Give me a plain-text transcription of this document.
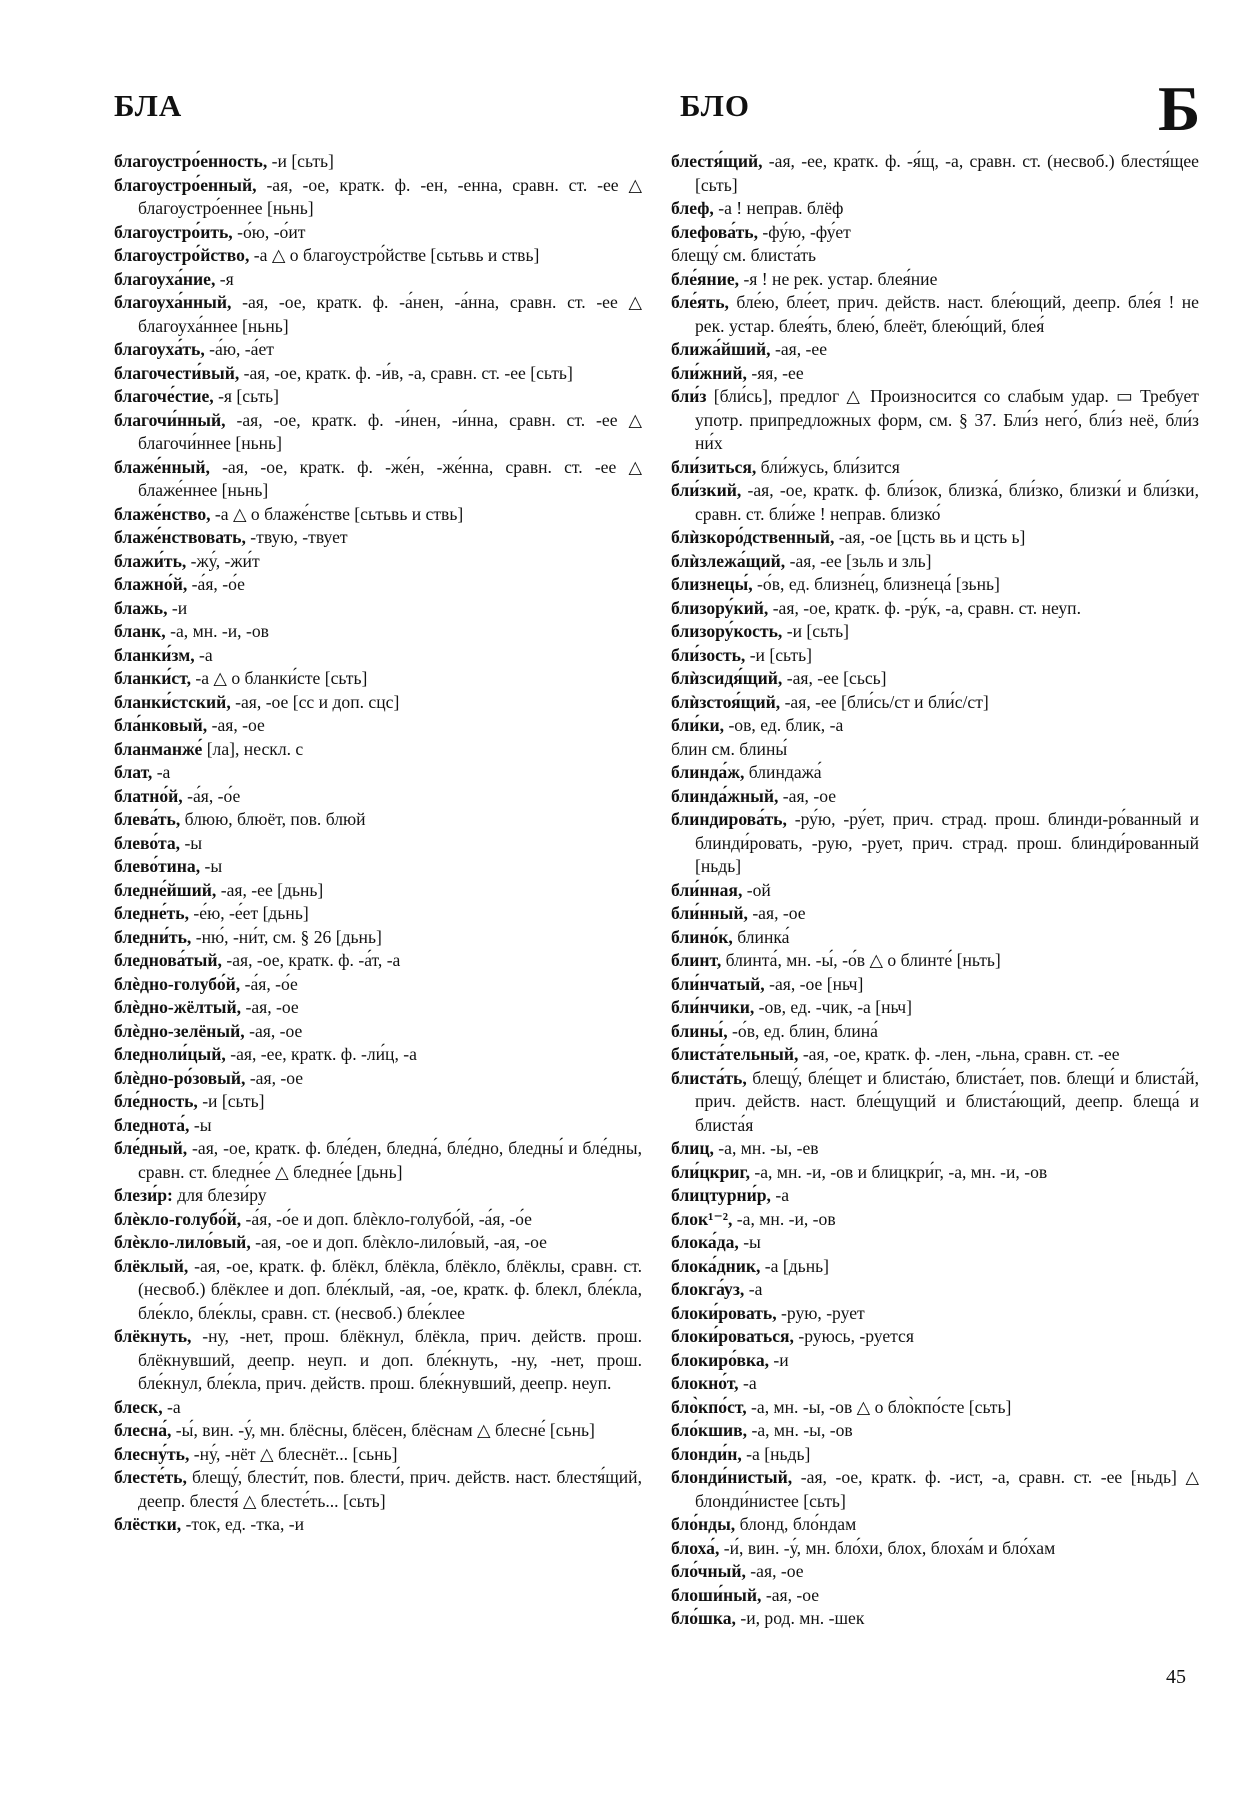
БЛА	БЛО	Б
благоустро́енность, -и [сьть]
благоустро́енный, -ая, -ое, кратк. ф. -ен, -енна, сравн. ст. -ее △ благоустро́еннее [ньнь]
благоустро́ить, -о́ю, -о́ит
благоустро́йство, -а △ о благоустро́йстве [сьтьвь и ствь]
благоуха́ние, -я
благоуха́нный, -ая, -ое, кратк. ф. -а́нен, -а́нна, сравн. ст. -ее △ благоуха́ннее [ньнь]
благоуха́ть, -а́ю, -а́ет
благочести́вый, -ая, -ое, кратк. ф. -и́в, -а, сравн. ст. -ее [сьть]
благоче́стие, -я [сьть]
благочи́нный, -ая, -ое, кратк. ф. -и́нен, -и́нна, сравн. ст. -ее △ благочи́ннее [ньнь]
блаже́нный, -ая, -ое, кратк. ф. -же́н, -же́нна, сравн. ст. -ее △ блаже́ннее [ньнь]
блаже́нство, -а △ о блаже́нстве [сьтьвь и ствь]
блаже́нствовать, -твую, -твует
блажи́ть, -жу́, -жи́т
блажно́й, -а́я, -о́е
блажь, -и
бланк, -а, мн. -и, -ов
бланки́зм, -а
бланки́ст, -а △ о бланки́сте [сьть]
бланки́стский, -ая, -ое [сс и доп. сцс]
бла́нковый, -ая, -ое
бланманже́ [ла], нескл. с
блат, -а
блатно́й, -а́я, -о́е
блева́ть, блюю, блюёт, пов. блюй
блево́та, -ы
блево́тина, -ы
бледне́йший, -ая, -ее [дьнь]
бледне́ть, -е́ю, -е́ет [дьнь]
бледни́ть, -ню́, -ни́т, см. § 26 [дьнь]
бледнова́тый, -ая, -ое, кратк. ф. -а́т, -а
блѐдно-голубо́й, -а́я, -о́е
блѐдно-жёлтый, -ая, -ое
блѐдно-зелёный, -ая, -ое
бледноли́цый, -ая, -ее, кратк. ф. -ли́ц, -а
блѐдно-ро́зовый, -ая, -ое
бле́дность, -и [сьть]
бледнота́, -ы
бле́дный, -ая, -ое, кратк. ф. бле́ден, бледна́, бле́дно, бледны́ и бле́дны, сравн. ст. бледне́е △ бледне́е [дьнь]
блези́р: для блези́ру
блѐкло-голубо́й, -а́я, -о́е и доп. блѐкло-голубо́й, -а́я, -о́е
блѐкло-лило́вый, -ая, -ое и доп. блѐкло-лило́вый, -ая, -ое
блёклый, -ая, -ое, кратк. ф. блёкл, блёкла, блёкло, блёклы, сравн. ст. (несвоб.) блёклее и доп. бле́клый, -ая, -ое, кратк. ф. блекл, бле́кла, бле́кло, бле́клы, сравн. ст. (несвоб.) бле́клее
блёкнуть, -ну, -нет, прош. блёкнул, блёкла, прич. действ. прош. блёкнувший, деепр. неуп. и доп. бле́кнуть, -ну, -нет, прош. бле́кнул, бле́кла, прич. действ. прош. бле́кнувший, деепр. неуп.
блеск, -а
блесна́, -ы́, вин. -у́, мн. блёсны, блёсен, блёснам △ блесне́ [сьнь]
блесну́ть, -ну́, -нёт △ блеснёт... [сьнь]
блесте́ть, блещу́, блести́т, пов. блести́, прич. действ. наст. блестя́щий, деепр. блестя́ △ блесте́ть... [сьть]
блёстки, -ток, ед. -тка, -и
блестя́щий, -ая, -ее, кратк. ф. -я́щ, -а, сравн. ст. (несвоб.) блестя́щее [сьть]
блеф, -а ! неправ. блёф
блефова́ть, -фу́ю, -фу́ет
блещу́ см. блиста́ть
бле́яние, -я ! не рек. устар. блея́ние
бле́ять, бле́ю, бле́ет, прич. действ. наст. бле́ющий, деепр. бле́я ! не рек. устар. блея́ть, блею́, блеёт, блею́щий, блея́
ближа́йший, -ая, -ее
бли́жний, -яя, -ее
бли́з [бли́сь], предлог △ Произносится со слабым удар. ▭ Требует употр. припредложных форм, см. § 37. Бли́з него́, бли́з неё, бли́з ни́х
бли́зиться, бли́жусь, бли́зится
бли́зкий, -ая, -ое, кратк. ф. бли́зок, близка́, бли́зко, близки́ и бли́зки, сравн. ст. бли́же ! неправ. близко́
блѝзкоро́дственный, -ая, -ое [цсть вь и цсть ь]
блѝзлежа́щий, -ая, -ее [зьль и зль]
близнецы́, -о́в, ед. близне́ц, близнеца́ [зьнь]
близору́кий, -ая, -ое, кратк. ф. -ру́к, -а, сравн. ст. неуп.
близору́кость, -и [сьть]
бли́зость, -и [сьть]
блѝзсидя́щий, -ая, -ее [сьсь]
блѝзстоя́щий, -ая, -ее [бли́сь/ст и бли́с/ст]
бли́ки, -ов, ед. блик, -а
блин см. блины́
блинда́ж, блиндажа́
блинда́жный, -ая, -ое
блиндирова́ть, -ру́ю, -ру́ет, прич. страд. прош. блинди-ро́ванный и блинди́ровать, -рую, -рует, прич. страд. прош. блинди́рованный [ньдь]
бли́нная, -ой
бли́нный, -ая, -ое
блино́к, блинка́
блинт, блинта́, мн. -ы́, -о́в △ о блинте́ [ньть]
бли́нчатый, -ая, -ое [ньч]
бли́нчики, -ов, ед. -чик, -а [ньч]
блины́, -о́в, ед. блин, блина́
блиста́тельный, -ая, -ое, кратк. ф. -лен, -льна, сравн. ст. -ее
блиста́ть, блещу́, бле́щет и блиста́ю, блиста́ет, пов. блещи́ и блиста́й, прич. действ. наст. бле́щущий и блиста́ющий, деепр. блеща́ и блиста́я
блиц, -а, мн. -ы, -ев
бли́цкриг, -а, мн. -и, -ов и блицкри́г, -а, мн. -и, -ов
блицтурни́р, -а
блок¹⁻², -а, мн. -и, -ов
блока́да, -ы
блока́дник, -а [дьнь]
блокга́уз, -а
блоки́ровать, -рую, -рует
блоки́роваться, -руюсь, -руется
блокиро́вка, -и
блокно́т, -а
бло̀кпо́ст, -а, мн. -ы, -ов △ о бло̀кпо́сте [сьть]
бло́кшив, -а, мн. -ы, -ов
блонди́н, -а [ньдь]
блонди́нистый, -ая, -ое, кратк. ф. -ист, -а, сравн. ст. -ее [ньдь] △ блонди́нистее [сьть]
бло́нды, блонд, бло́ндам
блоха́, -и́, вин. -у́, мн. бло́хи, блох, блоха́м и бло́хам
бло́чный, -ая, -ое
блоши́ный, -ая, -ое
бло́шка, -и, род. мн. -шек
45
